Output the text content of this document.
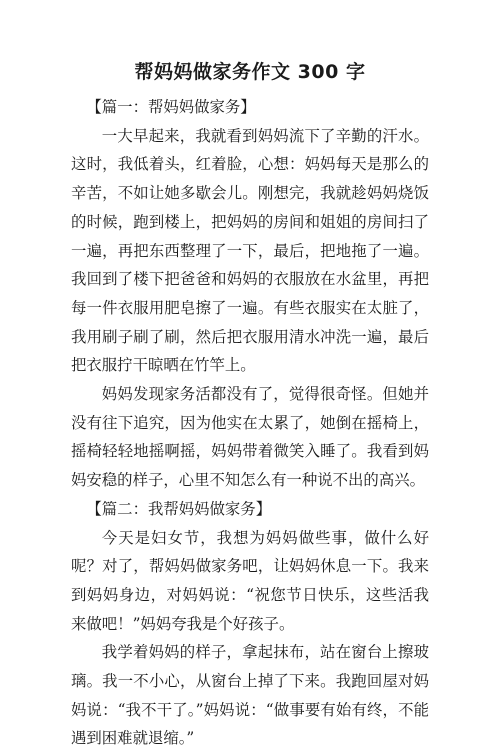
帮妈妈做家务作文 300 字

【篇一：帮妈妈做家务】

一大早起来，我就看到妈妈流下了辛勤的汗水。这时，我低着头，红着脸，心想：妈妈每天是那么的辛苦，不如让她多歇会儿。刚想完，我就趁妈妈烧饭的时候，跑到楼上，把妈妈的房间和姐姐的房间扫了一遍，再把东西整理了一下，最后，把地拖了一遍。我回到了楼下把爸爸和妈妈的衣服放在水盆里，再把每一件衣服用肥皂擦了一遍。有些衣服实在太脏了，我用刷子刷了刷，然后把衣服用清水冲洗一遍，最后把衣服拧干晾晒在竹竿上。

妈妈发现家务活都没有了，觉得很奇怪。但她并没有往下追究，因为他实在太累了，她倒在摇椅上，摇椅轻轻地摇啊摇，妈妈带着微笑入睡了。我看到妈妈安稳的样子，心里不知怎么有一种说不出的高兴。

【篇二：我帮妈妈做家务】

今天是妇女节，我想为妈妈做些事，做什么好呢？对了，帮妈妈做家务吧，让妈妈休息一下。我来到妈妈身边，对妈妈说：“祝您节日快乐，这些活我来做吧！”妈妈夸我是个好孩子。

我学着妈妈的样子，拿起抹布，站在窗台上擦玻璃。我一不小心，从窗台上掉了下来。我跑回屋对妈妈说：“我不干了。”妈妈说：“做事要有始有终，不能遇到困难就退缩。”
